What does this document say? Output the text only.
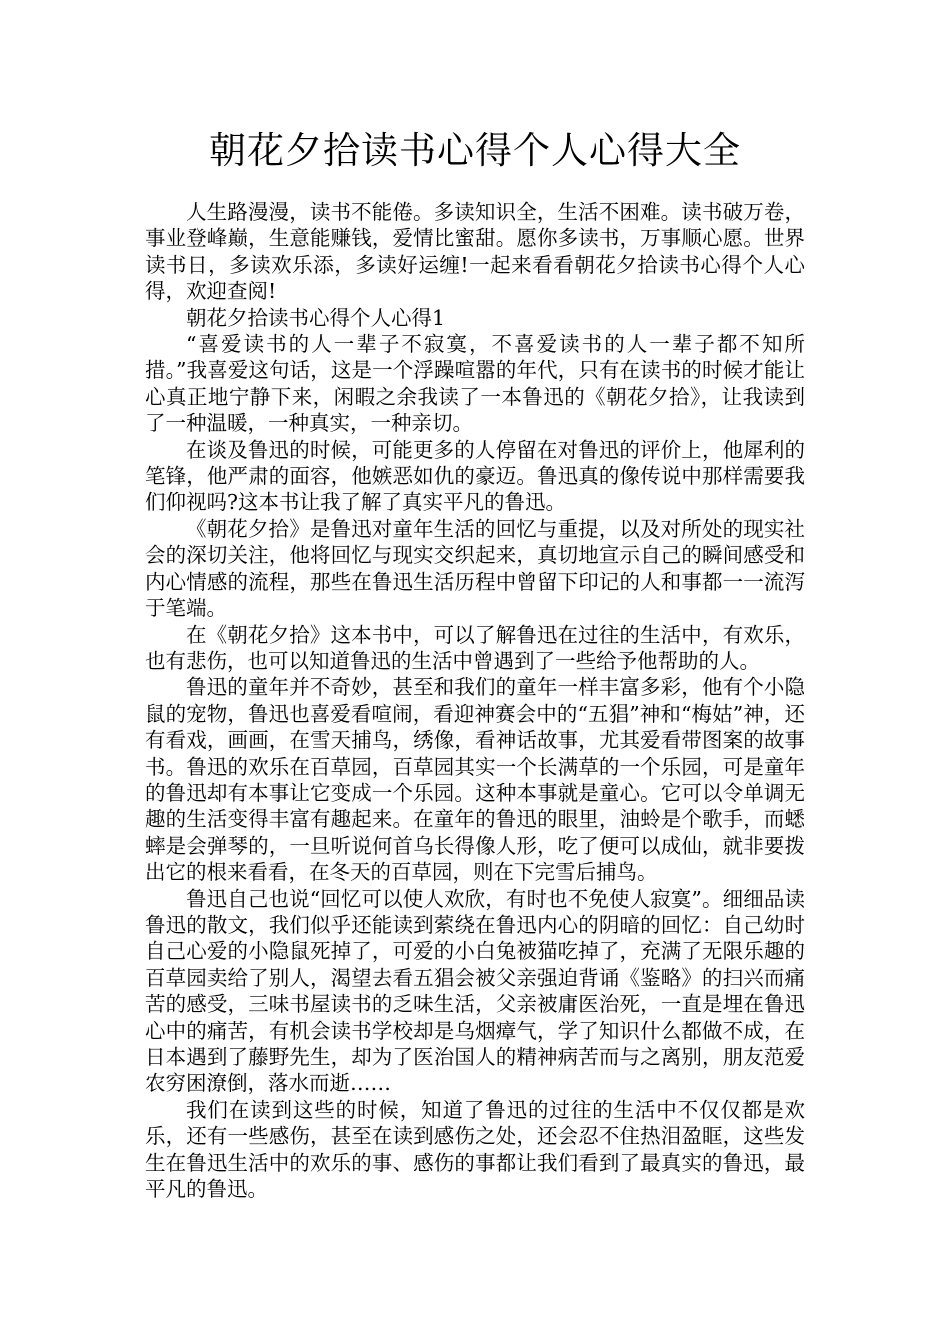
朝花夕拾读书心得个人心得大全

人生路漫漫，读书不能倦。多读知识全，生活不困难。读书破万卷，事业登峰巅，生意能赚钱，爱情比蜜甜。愿你多读书，万事顺心愿。世界读书日，多读欢乐添，多读好运缠!一起来看看朝花夕拾读书心得个人心得，欢迎查阅!

朝花夕拾读书心得个人心得1

“喜爱读书的人一辈子不寂寞，不喜爱读书的人一辈子都不知所措。”我喜爱这句话，这是一个浮躁喧嚣的年代，只有在读书的时候才能让心真正地宁静下来，闲暇之余我读了一本鲁迅的《朝花夕拾》，让我读到了一种温暖，一种真实，一种亲切。

在谈及鲁迅的时候，可能更多的人停留在对鲁迅的评价上，他犀利的笔锋，他严肃的面容，他嫉恶如仇的豪迈。鲁迅真的像传说中那样需要我们仰视吗?这本书让我了解了真实平凡的鲁迅。

《朝花夕拾》是鲁迅对童年生活的回忆与重提，以及对所处的现实社会的深切关注，他将回忆与现实交织起来，真切地宣示自己的瞬间感受和内心情感的流程，那些在鲁迅生活历程中曾留下印记的人和事都一一流泻于笔端。

在《朝花夕拾》这本书中，可以了解鲁迅在过往的生活中，有欢乐，也有悲伤，也可以知道鲁迅的生活中曾遇到了一些给予他帮助的人。

鲁迅的童年并不奇妙，甚至和我们的童年一样丰富多彩，他有个小隐鼠的宠物，鲁迅也喜爱看喧闹，看迎神赛会中的“五猖”神和“梅姑”神，还有看戏，画画，在雪天捕鸟，绣像，看神话故事，尤其爱看带图案的故事书。鲁迅的欢乐在百草园，百草园其实一个长满草的一个乐园，可是童年的鲁迅却有本事让它变成一个乐园。这种本事就是童心。它可以令单调无趣的生活变得丰富有趣起来。在童年的鲁迅的眼里，油蛉是个歌手，而蟋蟀是会弹琴的，一旦听说何首乌长得像人形，吃了便可以成仙，就非要拨出它的根来看看，在冬天的百草园，则在下完雪后捕鸟。

鲁迅自己也说“回忆可以使人欢欣，有时也不免使人寂寞”。细细品读鲁迅的散文，我们似乎还能读到萦绕在鲁迅内心的阴暗的回忆：自己幼时自己心爱的小隐鼠死掉了，可爱的小白兔被猫吃掉了，充满了无限乐趣的百草园卖给了别人，渴望去看五猖会被父亲强迫背诵《鉴略》的扫兴而痛苦的感受，三味书屋读书的乏味生活，父亲被庸医治死，一直是埋在鲁迅心中的痛苦，有机会读书学校却是乌烟瘴气，学了知识什么都做不成，在日本遇到了藤野先生，却为了医治国人的精神病苦而与之离别，朋友范爱农穷困潦倒，落水而逝……

我们在读到这些的时候，知道了鲁迅的过往的生活中不仅仅都是欢乐，还有一些感伤，甚至在读到感伤之处，还会忍不住热泪盈眶，这些发生在鲁迅生活中的欢乐的事、感伤的事都让我们看到了最真实的鲁迅，最平凡的鲁迅。
